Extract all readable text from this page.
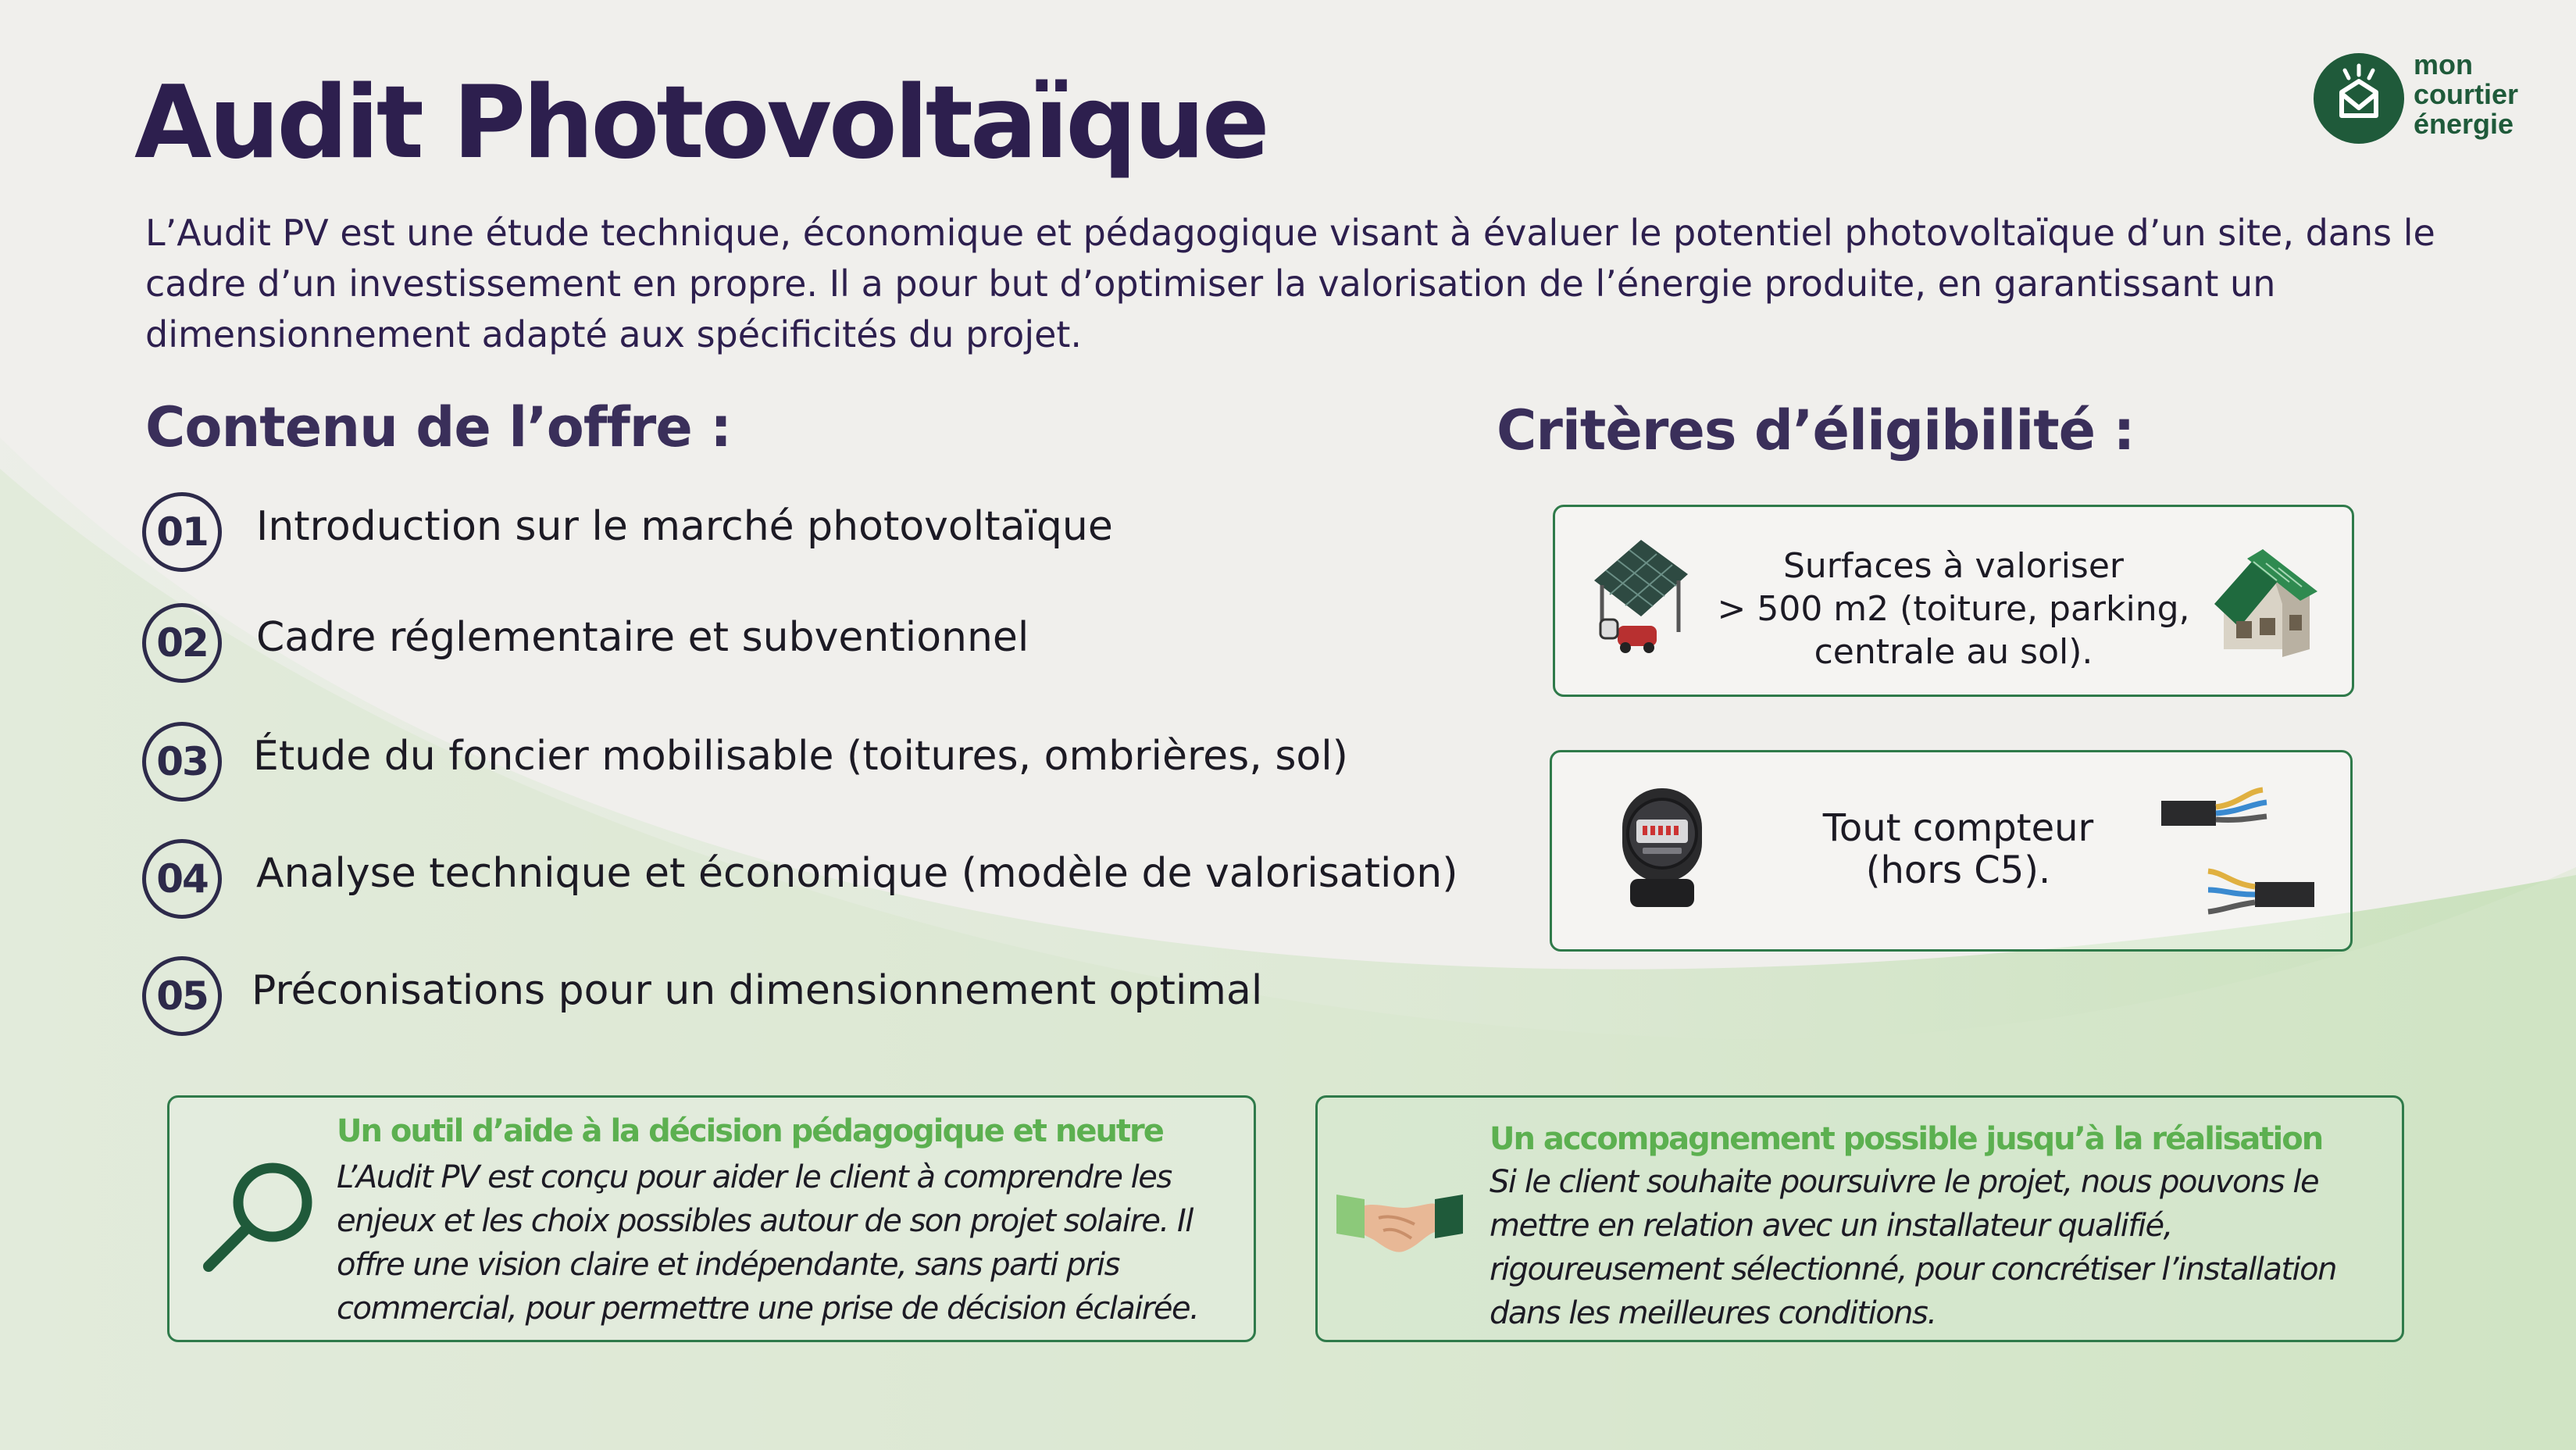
Audit Photovoltaïque

L’Audit PV est une étude technique, économique et pédagogique visant à évaluer le potentiel photovoltaïque d’un site, dans le cadre d’un investissement en propre. Il a pour but d’optimiser la valorisation de l’énergie produite, en garantissant un dimensionnement adapté aux spécificités du projet.

mon
courtier
énergie
Contenu de l’offre :
01	Introduction sur le marché photovoltaïque
02	Cadre réglementaire et subventionnel
03	Étude du foncier mobilisable (toitures, ombrières, sol)
04	Analyse technique et économique (modèle de valorisation)
05	Préconisations pour un dimensionnement optimal
Critères d’éligibilité :
Surfaces à valoriser
> 500 m2 (toiture, parking,
centrale au sol).
Tout compteur
(hors C5).
Un outil d’aide à la décision pédagogique et neutre
L’Audit PV est conçu pour aider le client à comprendre les enjeux et les choix possibles autour de son projet solaire. Il offre une vision claire et indépendante, sans parti pris commercial, pour permettre une prise de décision éclairée.
Un accompagnement possible jusqu’à la réalisation
Si le client souhaite poursuivre le projet, nous pouvons le mettre en relation avec un installateur qualifié, rigoureusement sélectionné, pour concrétiser l’installation dans les meilleures conditions.
